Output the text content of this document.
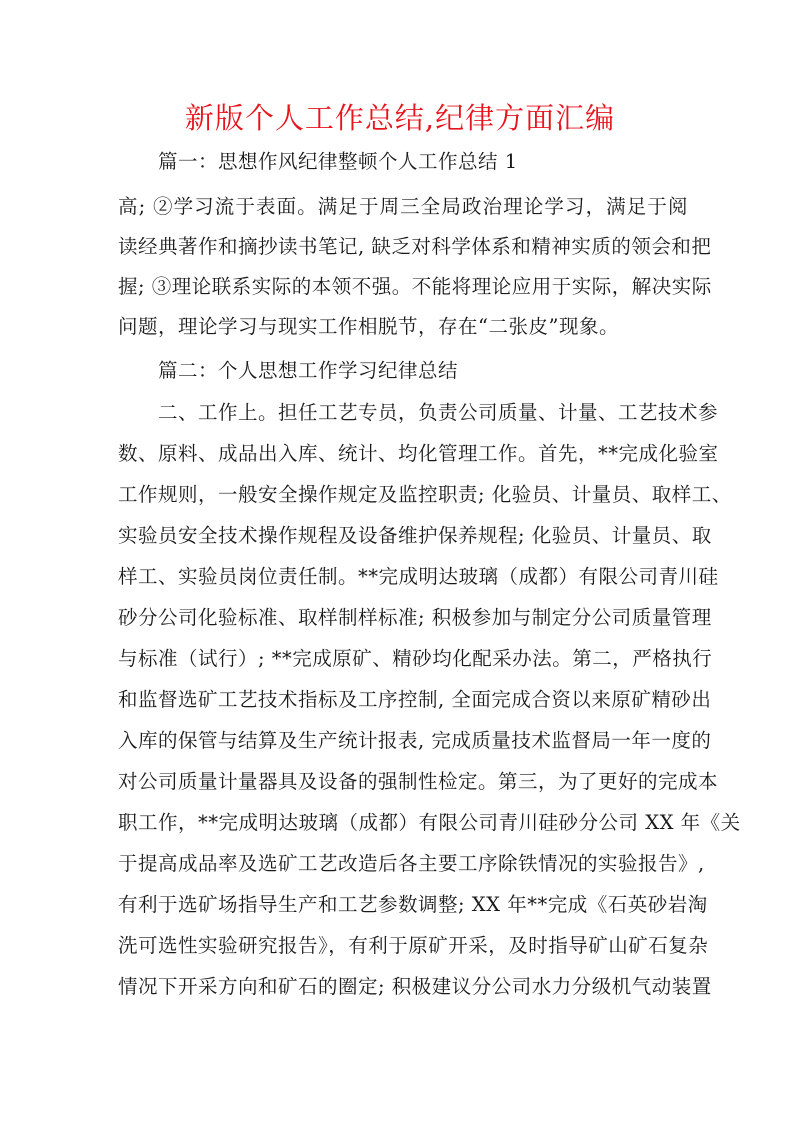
新版个人工作总结,纪律方面汇编
篇一：思想作风纪律整顿个人工作总结 1
高; ②学习流于表面。满足于周三全局政治理论学习，满足于阅
读经典著作和摘抄读书笔记, 缺乏对科学体系和精神实质的领会和把
握; ③理论联系实际的本领不强。不能将理论应用于实际，解决实际
问题，理论学习与现实工作相脱节，存在“二张皮”现象。
篇二：个人思想工作学习纪律总结
二、工作上。担任工艺专员，负责公司质量、计量、工艺技术参
数、原料、成品出入库、统计、均化管理工作。首先，**完成化验室
工作规则，一般安全操作规定及监控职责; 化验员、计量员、取样工、
实验员安全技术操作规程及设备维护保养规程; 化验员、计量员、取
样工、实验员岗位责任制。**完成明达玻璃（成都）有限公司青川硅
砂分公司化验标准、取样制样标准; 积极参加与制定分公司质量管理
与标准（试行）; **完成原矿、精砂均化配采办法。第二，严格执行
和监督选矿工艺技术指标及工序控制, 全面完成合资以来原矿精砂出
入库的保管与结算及生产统计报表, 完成质量技术监督局一年一度的
对公司质量计量器具及设备的强制性检定。第三，为了更好的完成本
职工作，**完成明达玻璃（成都）有限公司青川硅砂分公司 XX 年《关
于提高成品率及选矿工艺改造后各主要工序除铁情况的实验报告》,
有利于选矿场指导生产和工艺参数调整; XX 年**完成《石英砂岩淘
洗可选性实验研究报告》，有利于原矿开采，及时指导矿山矿石复杂
情况下开采方向和矿石的圈定; 积极建议分公司水力分级机气动装置
